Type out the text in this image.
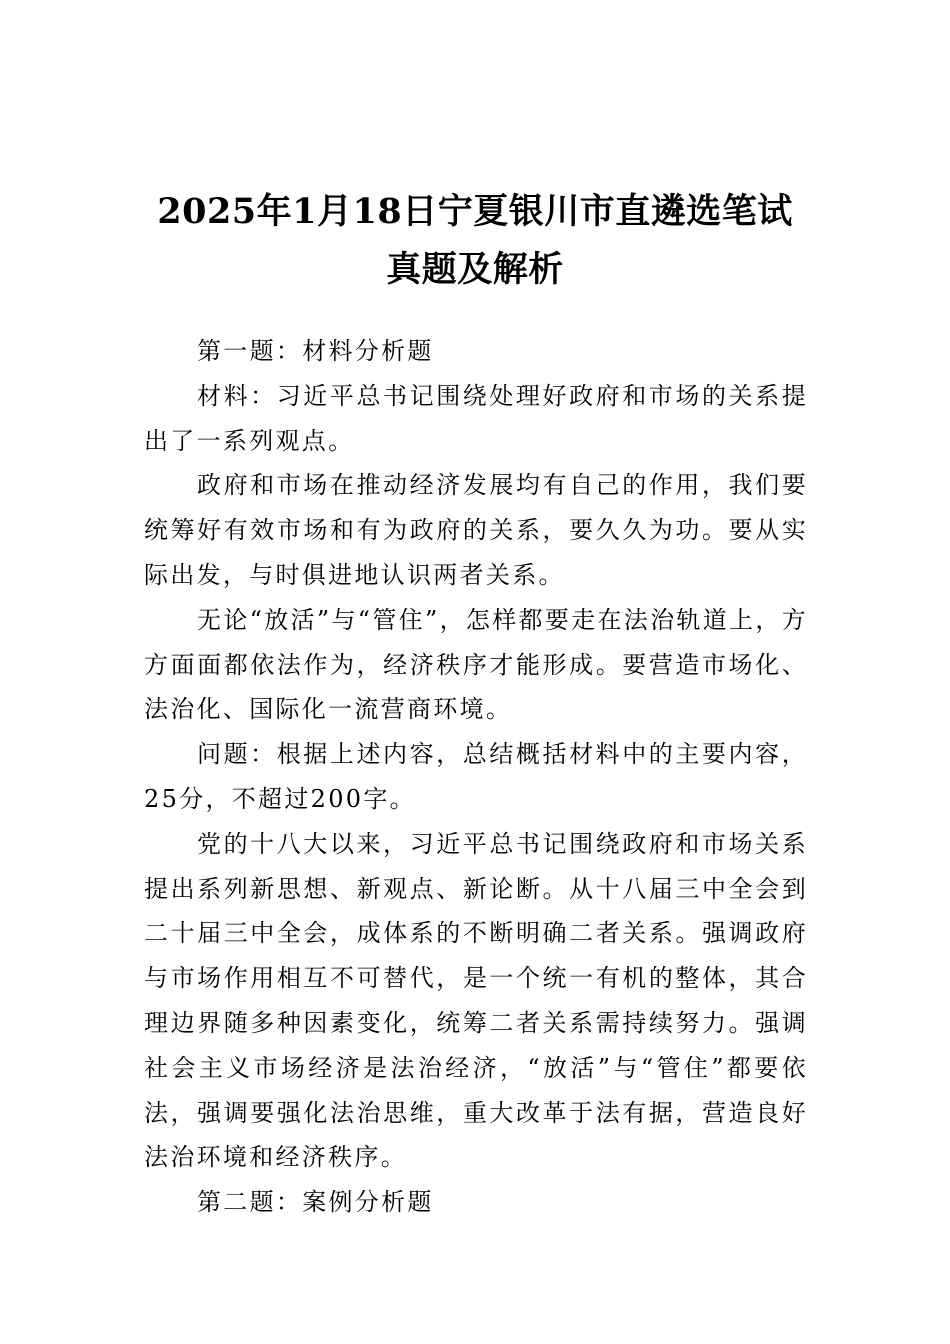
2025年1月18日宁夏银川市直遴选笔试真题及解析

第一题：材料分析题

材料：习近平总书记围绕处理好政府和市场的关系提出了一系列观点。

政府和市场在推动经济发展均有自己的作用，我们要统筹好有效市场和有为政府的关系，要久久为功。要从实际出发，与时俱进地认识两者关系。

无论“放活”与“管住”，怎样都要走在法治轨道上，方方面面都依法作为，经济秩序才能形成。要营造市场化、法治化、国际化一流营商环境。

问题：根据上述内容，总结概括材料中的主要内容，25分，不超过200字。

党的十八大以来，习近平总书记围绕政府和市场关系提出系列新思想、新观点、新论断。从十八届三中全会到二十届三中全会，成体系的不断明确二者关系。强调政府与市场作用相互不可替代，是一个统一有机的整体，其合理边界随多种因素变化，统筹二者关系需持续努力。强调社会主义市场经济是法治经济，“放活”与“管住”都要依法，强调要强化法治思维，重大改革于法有据，营造良好法治环境和经济秩序。

第二题：案例分析题
